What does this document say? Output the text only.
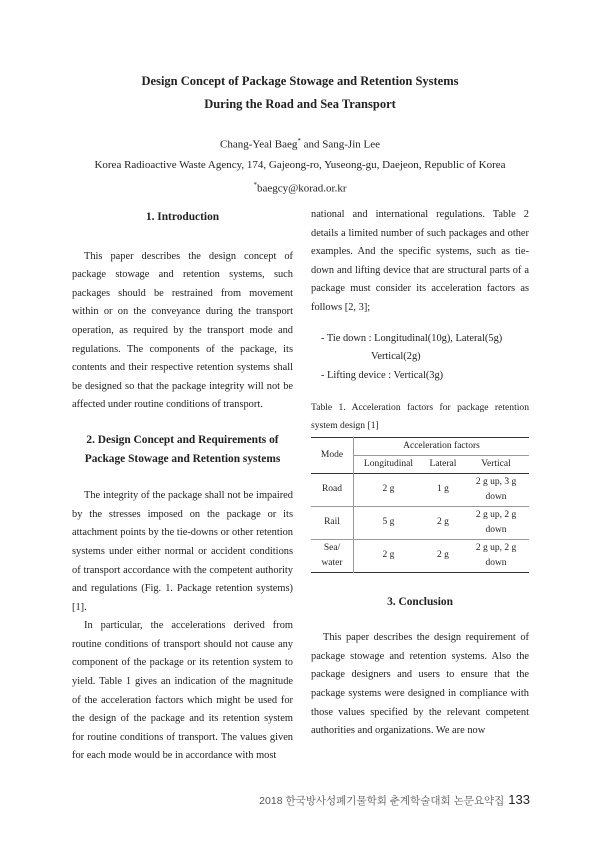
Design Concept of Package Stowage and Retention Systems
During the Road and Sea Transport
Chang-Yeal Baeg* and Sang-Jin Lee
Korea Radioactive Waste Agency, 174, Gajeong-ro, Yuseong-gu, Daejeon, Republic of Korea
*baegcy@korad.or.kr
1. Introduction
This paper describes the design concept of package stowage and retention systems, such packages should be restrained from movement within or on the conveyance during the transport operation, as required by the transport mode and regulations. The components of the package, its contents and their respective retention systems shall be designed so that the package integrity will not be affected under routine conditions of transport.
2. Design Concept and Requirements of
Package Stowage and Retention systems
The integrity of the package shall not be impaired by the stresses imposed on the package or its attachment points by the tie-downs or other retention systems under either normal or accident conditions of transport accordance with the competent authority and regulations (Fig. 1. Package retention systems) [1].
In particular, the accelerations derived from routine conditions of transport should not cause any component of the package or its retention system to yield. Table 1 gives an indication of the magnitude of the acceleration factors which might be used for the design of the package and its retention system for routine conditions of transport. The values given for each mode would be in accordance with most
national and international regulations. Table 2 details a limited number of such packages and other examples. And the specific systems, such as tie-down and lifting device that are structural parts of a package must consider its acceleration factors as follows [2, 3];
- Tie down : Longitudinal(10g), Lateral(5g)
Vertical(2g)
- Lifting device : Vertical(3g)
Table 1. Acceleration factors for package retention system design [1]
Mode	Acceleration factors		
	Longitudinal	Lateral	Vertical
Road	2 g	1 g	2 g up, 3 g down
Rail	5 g	2 g	2 g up, 2 g down
Sea/ water	2 g	2 g	2 g up, 2 g down
3. Conclusion
This paper describes the design requirement of package stowage and retention systems. Also the package designers and users to ensure that the package systems were designed in compliance with those values specified by the relevant competent authorities and organizations. We are now
2018 한국방사성폐기물학회 춘계학술대회 논문요약집 133
